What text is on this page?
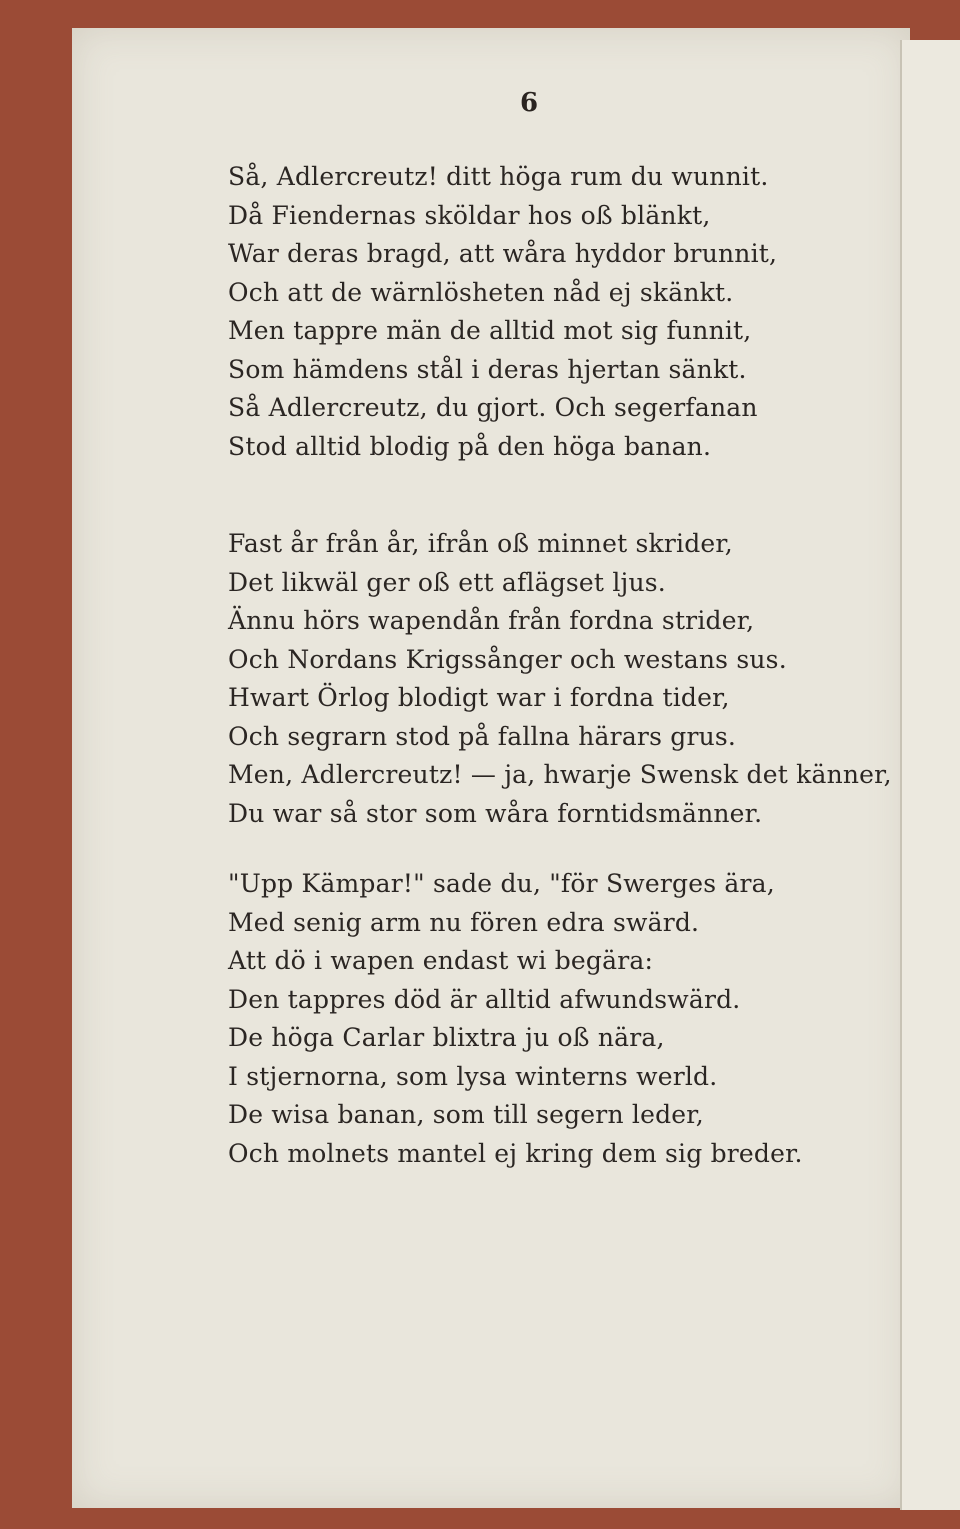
6
Så, Adlercreutz! ditt höga rum du wunnit.
Då Fiendernas sköldar hos oß blänkt,
War deras bragd, att wåra hyddor brunnit,
Och att de wärnlösheten nåd ej skänkt.
Men tappre män de alltid mot sig funnit,
Som hämdens stål i deras hjertan sänkt.
Så Adlercreutz, du gjort. Och segerfanan
Stod alltid blodig på den höga banan.
Fast år från år, ifrån oß minnet skrider,
Det likwäl ger oß ett aflägset ljus.
Ännu hörs wapendån från fordna strider,
Och Nordans Krigssånger och westans sus.
Hwart Örlog blodigt war i fordna tider,
Och segrarn stod på fallna härars grus.
Men, Adlercreutz! — ja, hwarje Swensk det känner,
Du war så stor som wåra forntidsmänner.
"Upp Kämpar!" sade du, "för Swerges ära,
Med senig arm nu fören edra swärd.
Att dö i wapen endast wi begära:
Den tappres död är alltid afwundswärd.
De höga Carlar blixtra ju oß nära,
I stjernorna, som lysa winterns werld.
De wisa banan, som till segern leder,
Och molnets mantel ej kring dem sig breder.
